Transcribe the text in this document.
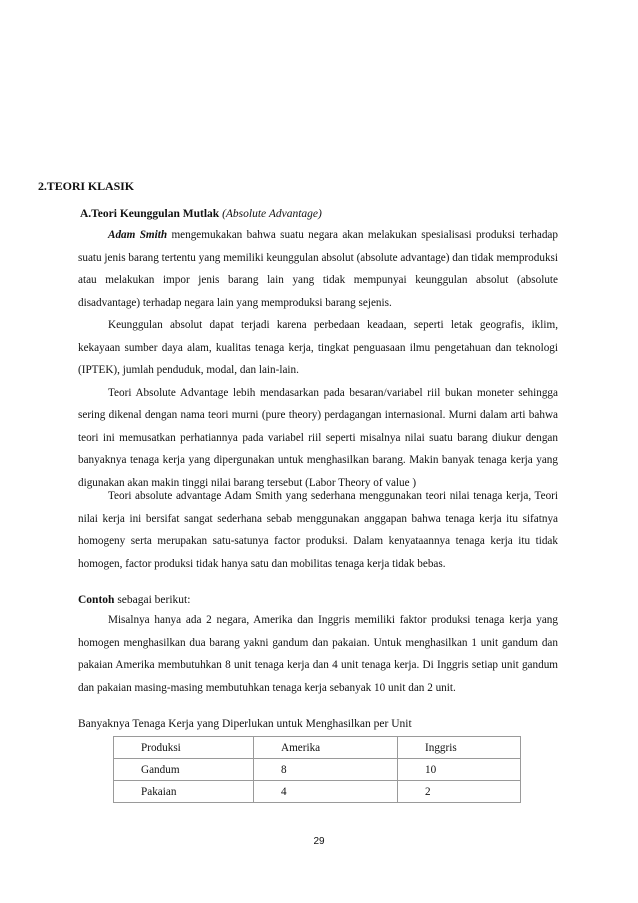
2.TEORI KLASIK
A.Teori Keunggulan Mutlak (Absolute Advantage)

Adam Smith mengemukakan bahwa suatu negara akan melakukan spesialisasi produksi terhadap suatu jenis barang tertentu yang memiliki keunggulan absolut (absolute advantage) dan tidak memproduksi atau melakukan impor jenis barang lain yang tidak mempunyai keunggulan absolut (absolute disadvantage) terhadap negara lain yang memproduksi barang sejenis.

Keunggulan absolut dapat terjadi karena perbedaan keadaan, seperti letak geografis, iklim, kekayaan sumber daya alam, kualitas tenaga kerja, tingkat penguasaan ilmu pengetahuan dan teknologi (IPTEK), jumlah penduduk, modal, dan lain-lain.

Teori Absolute Advantage lebih mendasarkan pada besaran/variabel riil bukan moneter sehingga sering dikenal dengan nama teori murni (pure theory) perdagangan internasional. Murni dalam arti bahwa teori ini memusatkan perhatiannya pada variabel riil seperti misalnya nilai suatu barang diukur dengan banyaknya tenaga kerja yang dipergunakan untuk menghasilkan barang. Makin banyak tenaga kerja yang digunakan akan makin tinggi nilai barang tersebut (Labor Theory of value )

Teori absolute advantage Adam Smith yang sederhana menggunakan teori nilai tenaga kerja, Teori nilai kerja ini bersifat sangat sederhana sebab menggunakan anggapan bahwa tenaga kerja itu sifatnya homogeny serta merupakan satu-satunya factor produksi. Dalam kenyataannya tenaga kerja itu tidak homogen, factor produksi tidak hanya satu dan mobilitas tenaga kerja tidak bebas.

Contoh sebagai berikut:

Misalnya hanya ada 2 negara, Amerika dan Inggris memiliki faktor produksi tenaga kerja yang homogen menghasilkan dua barang yakni gandum dan pakaian. Untuk menghasilkan 1 unit gandum dan pakaian Amerika membutuhkan 8 unit tenaga kerja dan 4 unit tenaga kerja. Di Inggris setiap unit gandum dan pakaian masing-masing membutuhkan tenaga kerja sebanyak 10 unit dan 2 unit.

Banyaknya Tenaga Kerja yang Diperlukan untuk Menghasilkan per Unit
Produksi	Amerika	Inggris
Gandum	8	10
Pakaian	4	2
29
